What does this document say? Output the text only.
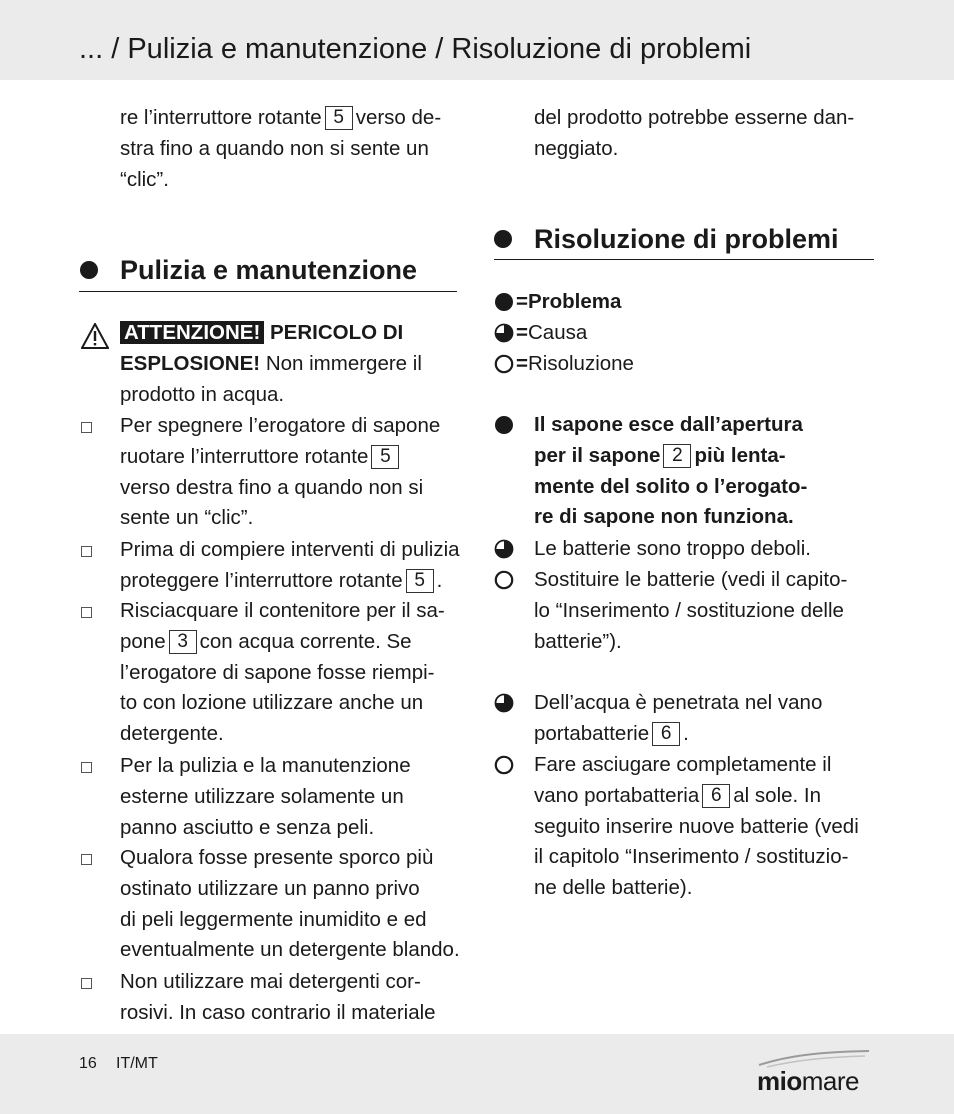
... / Pulizia e manutenzione / Risoluzione di problemi

re l’interruttore rotante 5 verso de-

stra fino a quando non si sente un

“clic”.

Pulizia e manutenzione

ATTENZIONE! PERICOLO DI

ESPLOSIONE! Non immergere il

prodotto in acqua.

Per spegnere l’erogatore di sapone
ruotare l’interruttore rotante 5
verso destra fino a quando non si
sente un “clic”.
Prima di compiere interventi di pulizia
proteggere l’interruttore rotante 5 .
Risciacquare il contenitore per il sa-
pone 3 con acqua corrente. Se
l’erogatore di sapone fosse riempi-
to con lozione utilizzare anche un
detergente.
Per la pulizia e la manutenzione
esterne utilizzare solamente un
panno asciutto e senza peli.
Qualora fosse presente sporco più
ostinato utilizzare un panno privo
di peli leggermente inumidito e ed
eventualmente un detergente blando.
Non utilizzare mai detergenti cor-
rosivi. In caso contrario il materiale

del prodotto potrebbe esserne dan-

neggiato.

Risoluzione di problemi
=Problema
=Causa
=Risoluzione
Il sapone esce dall’apertura
per il sapone 2 più lenta-
mente del solito o l’erogato-
re di sapone non funziona.
Le batterie sono troppo deboli.
Sostituire le batterie (vedi il capito-
lo “Inserimento / sostituzione delle
batterie”).
Dell’acqua è penetrata nel vano
portabatterie 6 .
Fare asciugare completamente il
vano portabatteria 6 al sole. In
seguito inserire nuove batterie (vedi
il capitolo “Inserimento / sostituzio-
ne delle batterie).
16 IT/MT
miomare
